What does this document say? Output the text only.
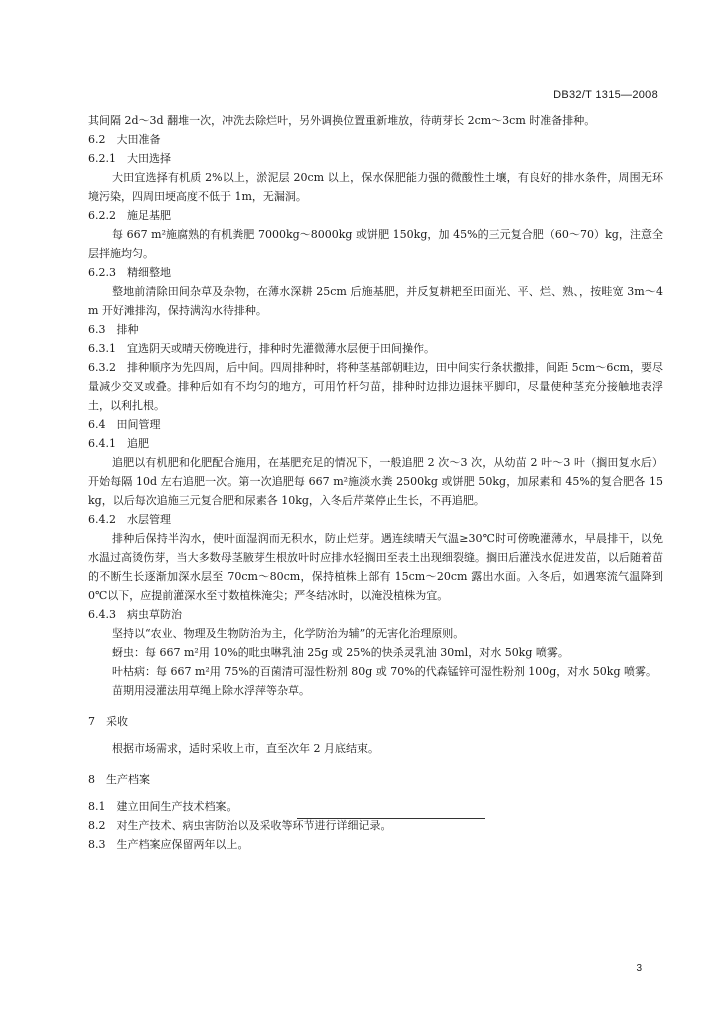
DB32/T 1315—2008

其间隔 2d～3d 翻堆一次，冲洗去除烂叶，另外调换位置重新堆放，待萌芽长 2cm～3cm 时准备排种。

6.2　大田准备

6.2.1　大田选择

大田宜选择有机质 2%以上，淤泥层 20cm 以上，保水保肥能力强的微酸性土壤，有良好的排水条件，周围无环境污染，四周田埂高度不低于 1m，无漏洞。

6.2.2　施足基肥

每 667 m²施腐熟的有机粪肥 7000kg～8000kg 或饼肥 150kg，加 45%的三元复合肥（60～70）kg，注意全层拌施均匀。

6.2.3　精细整地

整地前清除田间杂草及杂物，在薄水深耕 25cm 后施基肥，并反复耕耙至田面光、平、烂、熟、，按畦宽 3m～4m 开好滩排沟，保持满沟水待排种。

6.3　排种

6.3.1　宜选阴天或晴天傍晚进行，排种时先灌微薄水层便于田间操作。

6.3.2　排种顺序为先四周，后中间。四周排种时，将种茎基部朝畦边，田中间实行条状撒排，间距 5cm～6cm，要尽量减少交叉或叠。排种后如有不均匀的地方，可用竹杆匀苗，排种时边排边退抹平脚印，尽量使种茎充分接触地表浮土，以利扎根。

6.4　田间管理

6.4.1　追肥

追肥以有机肥和化肥配合施用，在基肥充足的情况下，一般追肥 2 次～3 次，从幼苗 2 叶～3 叶（搁田复水后）开始每隔 10d 左右追肥一次。第一次追肥每 667 m²施淡水粪 2500kg 或饼肥 50kg，加尿素和 45%的复合肥各 15kg，以后每次追施三元复合肥和尿素各 10kg，入冬后芹菜停止生长，不再追肥。

6.4.2　水层管理

排种后保持半沟水，使叶面湿润而无积水，防止烂芽。遇连续晴天气温≥30℃时可傍晚灌薄水，早晨排干，以免水温过高烫伤芽，当大多数母茎腋芽生根放叶时应排水轻搁田至表土出现细裂缝。搁田后灌浅水促进发苗，以后随着苗的不断生长逐渐加深水层至 70cm～80cm，保持植株上部有 15cm～20cm 露出水面。入冬后，如遇寒流气温降到 0℃以下，应提前灌深水至寸数植株淹尖；严冬结冰时，以淹没植株为宜。

6.4.3　病虫草防治

坚持以“农业、物理及生物防治为主，化学防治为辅”的无害化治理原则。

蚜虫：每 667 m²用 10%的吡虫啉乳油 25g 或 25%的快杀灵乳油 30ml，对水 50kg 喷雾。

叶枯病：每 667 m²用 75%的百菌清可湿性粉剂 80g 或 70%的代森锰锌可湿性粉剂 100g，对水 50kg 喷雾。

苗期用浸灌法用草绳上除水浮萍等杂草。

7　采收

根据市场需求，适时采收上市，直至次年 2 月底结束。

8　生产档案

8.1　建立田间生产技术档案。

8.2　对生产技术、病虫害防治以及采收等环节进行详细记录。

8.3　生产档案应保留两年以上。

3
